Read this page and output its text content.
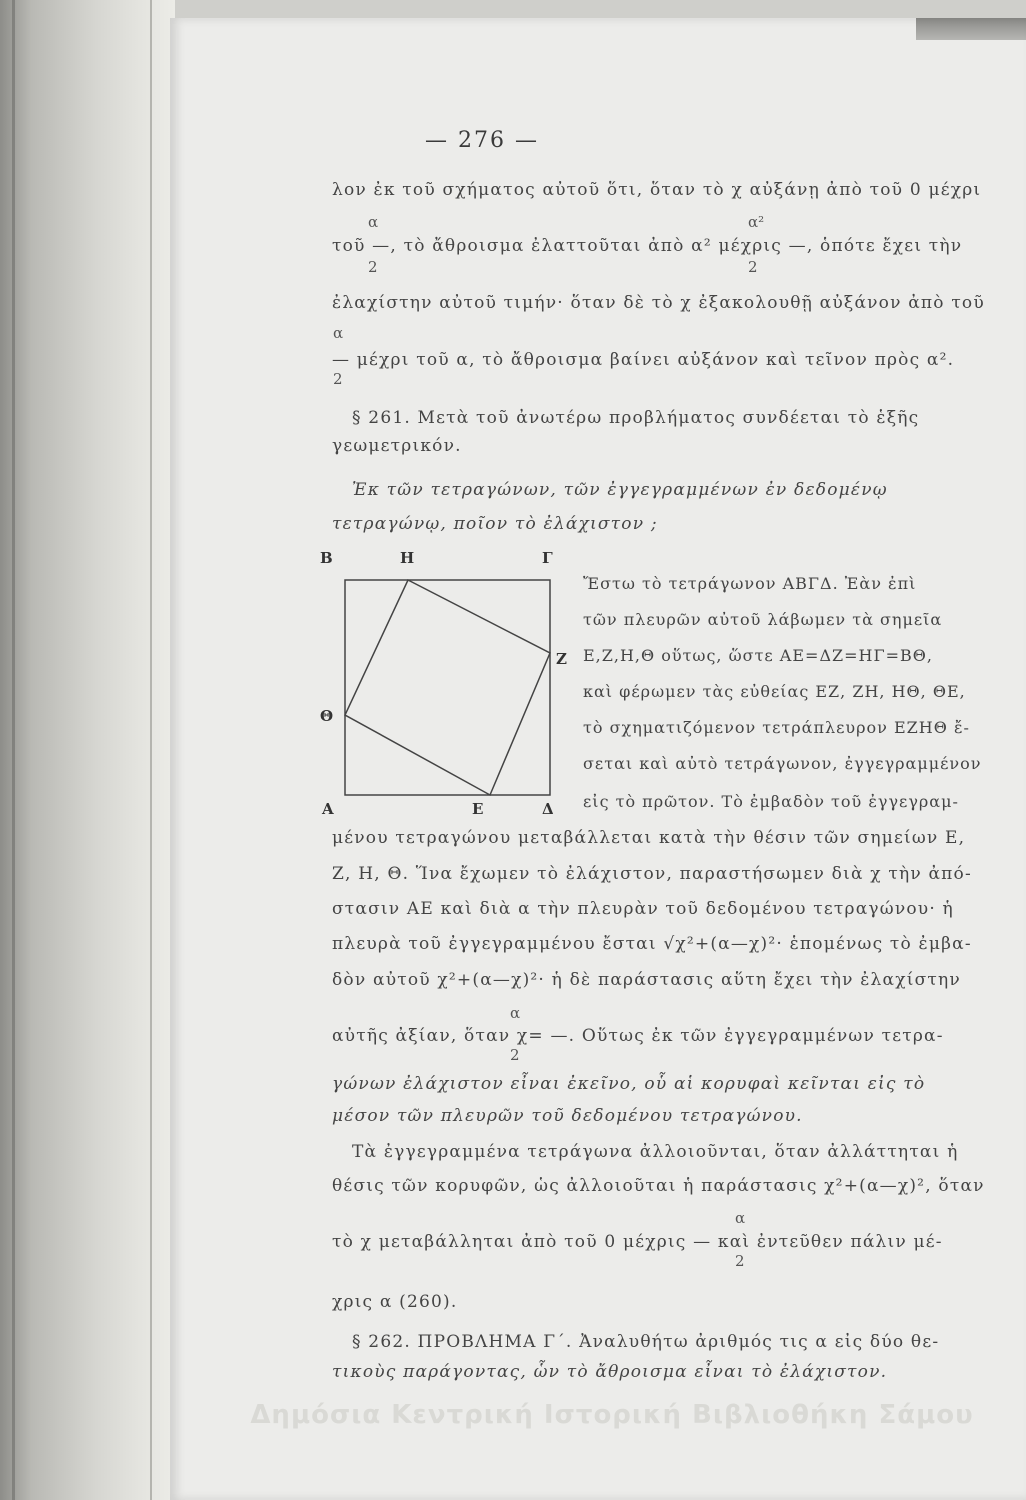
— 276 —
λον ἐκ τοῦ σχήματος αὐτοῦ ὅτι, ὅταν τὸ χ αὐξάνῃ ἀπὸ τοῦ 0 μέχρι
α	α²
τοῦ —, τὸ ἄθροισμα ἐλαττοῦται ἀπὸ α² μέχρις —, ὁπότε ἔχει τὴν
2	2
ἐλαχίστην αὐτοῦ τιμήν· ὅταν δὲ τὸ χ ἐξακολουθῇ αὐξάνον ἀπὸ τοῦ
α
— μέχρι τοῦ α, τὸ ἄθροισμα βαίνει αὐξάνον καὶ τεῖνον πρὸς α².
2
§ 261. Μετὰ τοῦ ἀνωτέρω προβλήματος συνδέεται τὸ ἑξῆς
γεωμετρικόν.
Ἐκ τῶν τετραγώνων, τῶν ἐγγεγραμμένων ἐν δεδομένῳ
τετραγώνῳ, ποῖον τὸ ἐλάχιστον ;
Β	Η	Γ
Ζ
Θ
Α	Ε	Δ
Ἔστω τὸ τετράγωνον ΑΒΓΔ. Ἐὰν ἐπὶ
τῶν πλευρῶν αὐτοῦ λάβωμεν τὰ σημεῖα
Ε,Ζ,Η,Θ οὕτως, ὥστε ΑΕ=ΔΖ=ΗΓ=ΒΘ,
καὶ φέρωμεν τὰς εὐθείας ΕΖ, ΖΗ, ΗΘ, ΘΕ,
τὸ σχηματιζόμενον τετράπλευρον ΕΖΗΘ ἔ-
σεται καὶ αὐτὸ τετράγωνον, ἐγγεγραμμένον
εἰς τὸ πρῶτον. Τὸ ἐμβαδὸν τοῦ ἐγγεγραμ-
μένου τετραγώνου μεταβάλλεται κατὰ τὴν θέσιν τῶν σημείων Ε,
Ζ, Η, Θ. Ἵνα ἔχωμεν τὸ ἐλάχιστον, παραστήσωμεν διὰ χ τὴν ἀπό-
στασιν ΑΕ καὶ διὰ α τὴν πλευρὰν τοῦ δεδομένου τετραγώνου· ἡ
πλευρὰ τοῦ ἐγγεγραμμένου ἔσται √χ²+(α—χ)²· ἑπομένως τὸ ἐμβα-
δὸν αὐτοῦ χ²+(α—χ)²· ἡ δὲ παράστασις αὕτη ἔχει τὴν ἐλαχίστην
α
αὐτῆς ἀξίαν, ὅταν χ= —. Οὕτως ἐκ τῶν ἐγγεγραμμένων τετρα-
2
γώνων ἐλάχιστον εἶναι ἐκεῖνο, οὗ αἱ κορυφαὶ κεῖνται εἰς τὸ
μέσον τῶν πλευρῶν τοῦ δεδομένου τετραγώνου.
Τὰ ἐγγεγραμμένα τετράγωνα ἀλλοιοῦνται, ὅταν ἀλλάττηται ἡ
θέσις τῶν κορυφῶν, ὡς ἀλλοιοῦται ἡ παράστασις χ²+(α—χ)², ὅταν
α
τὸ χ μεταβάλληται ἀπὸ τοῦ 0 μέχρις — καὶ ἐντεῦθεν πάλιν μέ-
2
χρις α (260).
§ 262. ΠΡΟΒΛΗΜΑ Γ΄. Ἀναλυθήτω ἀριθμός τις α εἰς δύο θε-
τικοὺς παράγοντας, ὧν τὸ ἄθροισμα εἶναι τὸ ἐλάχιστον.
Δημόσια Κεντρική Ιστορική Βιβλιοθήκη Σάμου
